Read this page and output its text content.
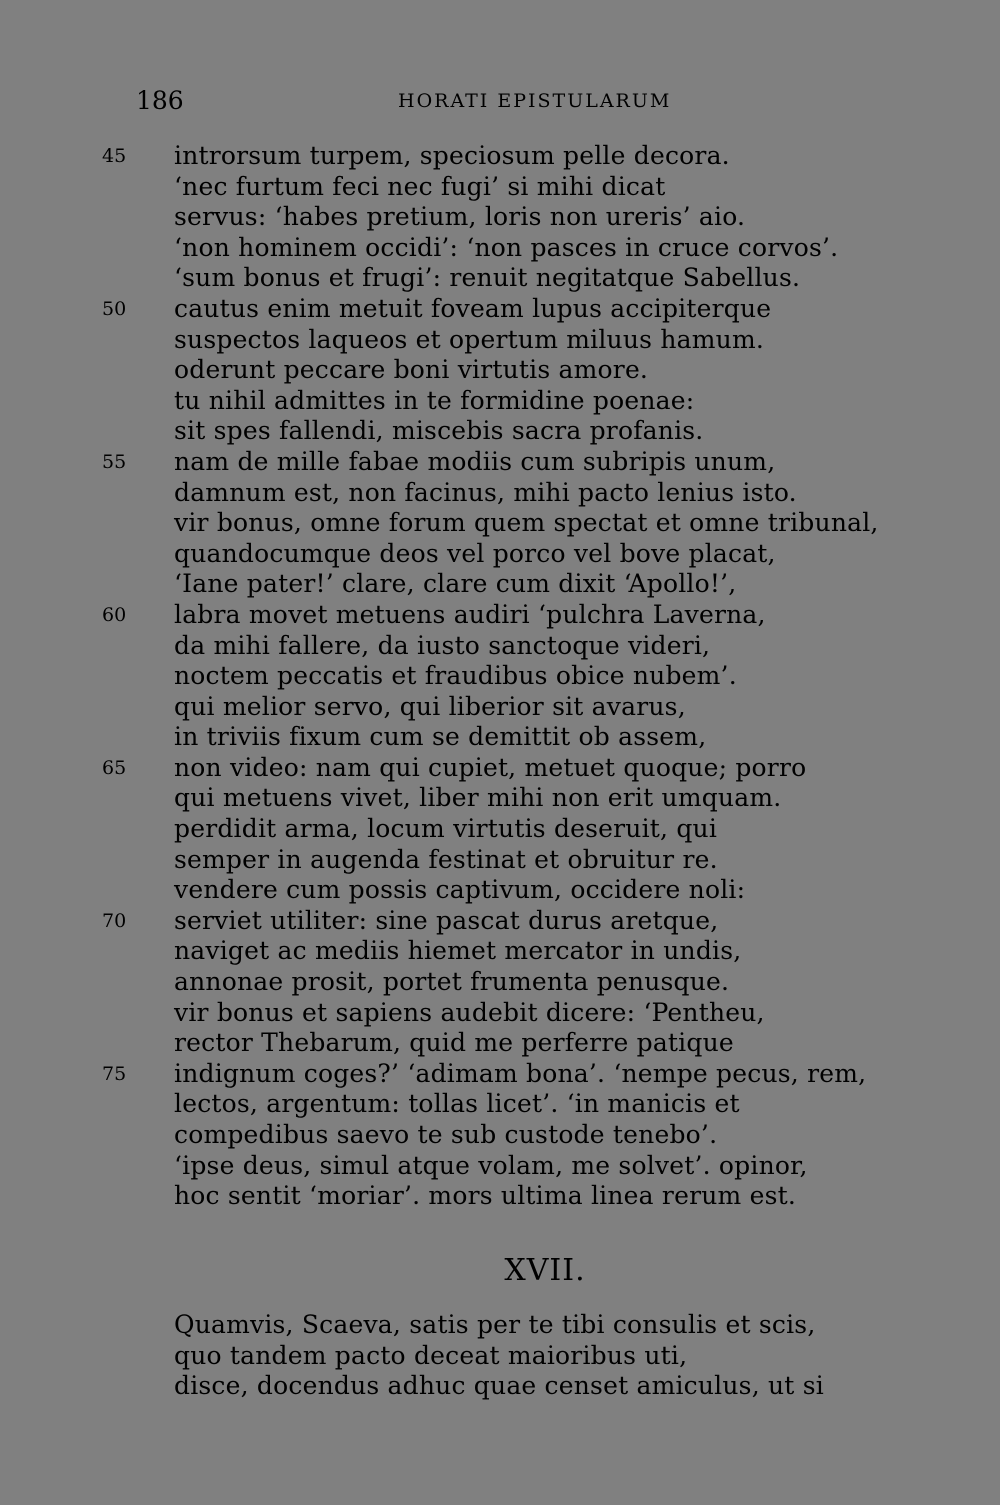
186	HORATI EPISTULARUM
45 introrsum turpem, speciosum pelle decora.
‘nec furtum feci nec fugi’ si mihi dicat
servus: ‘habes pretium, loris non ureris’ aio.
‘non hominem occidi’: ‘non pasces in cruce corvos’.
‘sum bonus et frugi’: renuit negitatque Sabellus.
50 cautus enim metuit foveam lupus accipiterque
suspectos laqueos et opertum miluus hamum.
oderunt peccare boni virtutis amore.
tu nihil admittes in te formidine poenae:
sit spes fallendi, miscebis sacra profanis.
55 nam de mille fabae modiis cum subripis unum,
damnum est, non facinus, mihi pacto lenius isto.
vir bonus, omne forum quem spectat et omne tribunal,
quandocumque deos vel porco vel bove placat,
‘Iane pater!’ clare, clare cum dixit ‘Apollo!’,
60 labra movet metuens audiri ‘pulchra Laverna,
da mihi fallere, da iusto sanctoque videri,
noctem peccatis et fraudibus obice nubem’.
qui melior servo, qui liberior sit avarus,
in triviis fixum cum se demittit ob assem,
65 non video: nam qui cupiet, metuet quoque; porro
qui metuens vivet, liber mihi non erit umquam.
perdidit arma, locum virtutis deseruit, qui
semper in augenda festinat et obruitur re.
vendere cum possis captivum, occidere noli:
70 serviet utiliter: sine pascat durus aretque,
naviget ac mediis hiemet mercator in undis,
annonae prosit, portet frumenta penusque.
vir bonus et sapiens audebit dicere: ‘Pentheu,
rector Thebarum, quid me perferre patique
75 indignum coges?’ ‘adimam bona’. ‘nempe pecus, rem,
lectos, argentum: tollas licet’. ‘in manicis et
compedibus saevo te sub custode tenebo’.
‘ipse deus, simul atque volam, me solvet’. opinor,
hoc sentit ‘moriar’. mors ultima linea rerum est.
XVII.
Quamvis, Scaeva, satis per te tibi consulis et scis,
quo tandem pacto deceat maioribus uti,
disce, docendus adhuc quae censet amiculus, ut si
